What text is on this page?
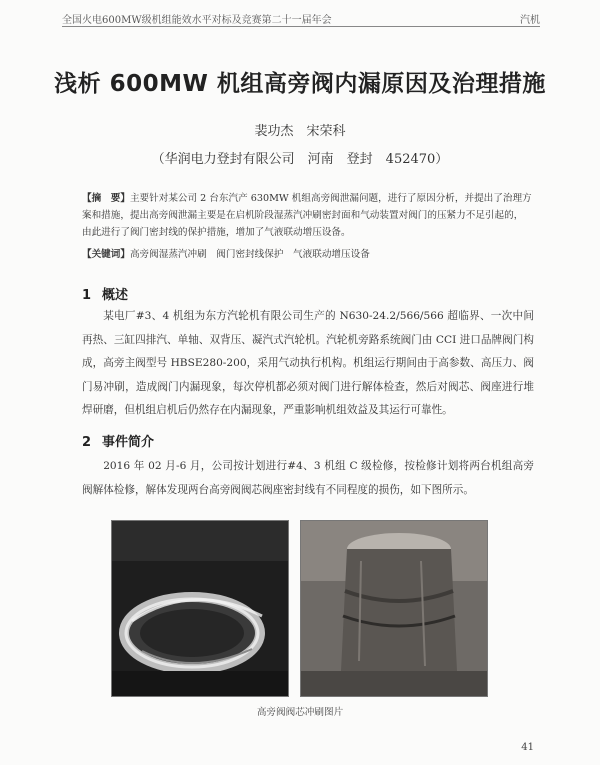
全国火电600MW级机组能效水平对标及竞赛第二十一届年会	汽机
浅析 600MW 机组高旁阀内漏原因及治理措施
裴功杰　宋荣科
（华润电力登封有限公司　河南　登封　452470）
【摘　要】主要针对某公司 2 台东汽产 630MW 机组高旁阀泄漏问题，进行了原因分析，并提出了治理方案和措施，提出高旁阀泄漏主要是在启机阶段湿蒸汽冲刷密封面和气动装置对阀门的压紧力不足引起的，由此进行了阀门密封线的保护措施，增加了气液联动增压设备。
【关键词】高旁阀湿蒸汽冲刷　阀门密封线保护　气液联动增压设备
1 概述
某电厂#3、4 机组为东方汽轮机有限公司生产的 N630-24.2/566/566 超临界、一次中间再热、三缸四排汽、单轴、双背压、凝汽式汽轮机。汽轮机旁路系统阀门由 CCI 进口品牌阀门构成，高旁主阀型号 HBSE280-200，采用气动执行机构。机组运行期间由于高参数、高压力、阀门易冲刷，造成阀门内漏现象，每次停机都必须对阀门进行解体检查，然后对阀芯、阀座进行堆焊研磨，但机组启机后仍然存在内漏现象，严重影响机组效益及其运行可靠性。
2 事件简介
2016 年 02 月-6 月，公司按计划进行#4、3 机组 C 级检修，按检修计划将两台机组高旁阀解体检修，解体发现两台高旁阀阀芯阀座密封线有不同程度的损伤，如下图所示。
高旁阀阀芯冲刷图片
41
